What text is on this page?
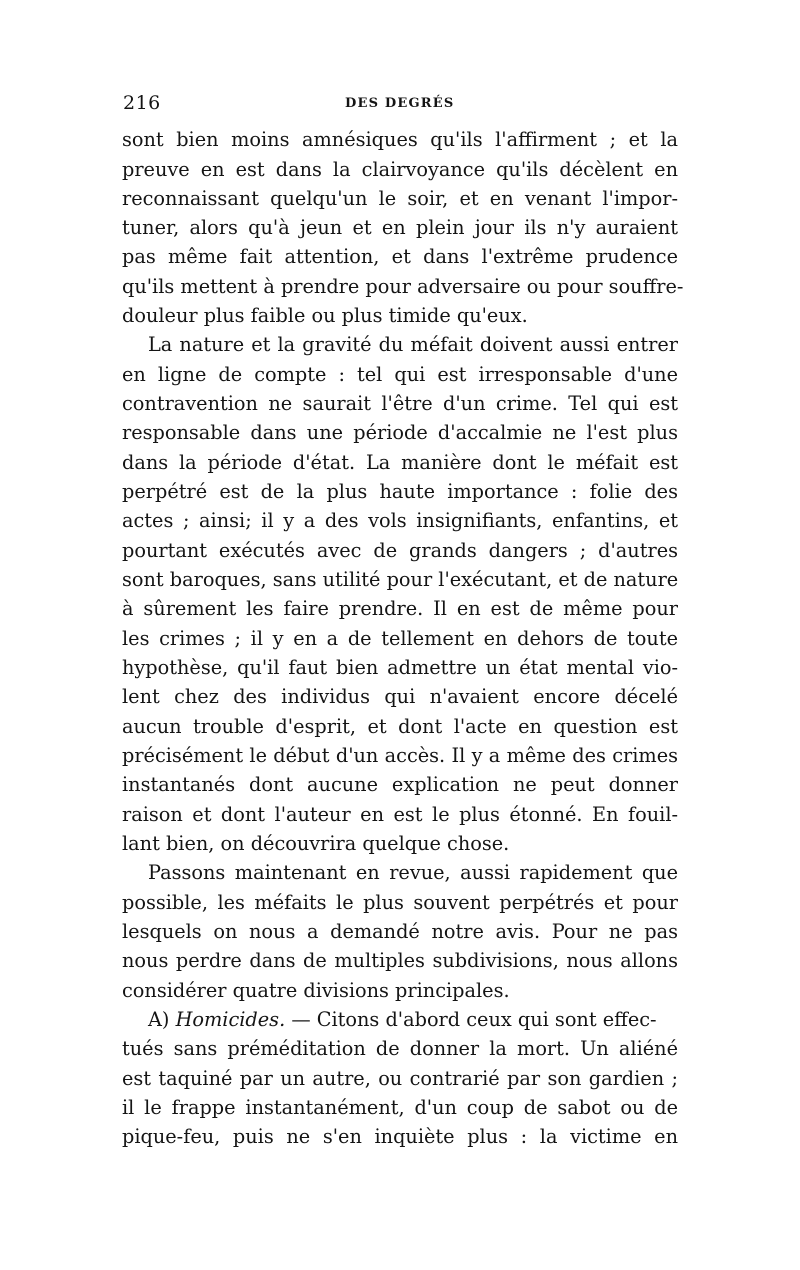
216	DES DEGRÉS
sont bien moins amnésiques qu'ils l'affirment ; et la
preuve en est dans la clairvoyance qu'ils décèlent en
reconnaissant quelqu'un le soir, et en venant l'impor-
tuner, alors qu'à jeun et en plein jour ils n'y auraient
pas même fait attention, et dans l'extrême prudence
qu'ils mettent à prendre pour adversaire ou pour souffre-
douleur plus faible ou plus timide qu'eux.
La nature et la gravité du méfait doivent aussi entrer
en ligne de compte : tel qui est irresponsable d'une
contravention ne saurait l'être d'un crime. Tel qui est
responsable dans une période d'accalmie ne l'est plus
dans la période d'état. La manière dont le méfait est
perpétré est de la plus haute importance : folie des
actes ; ainsi; il y a des vols insignifiants, enfantins, et
pourtant exécutés avec de grands dangers ; d'autres
sont baroques, sans utilité pour l'exécutant, et de nature
à sûrement les faire prendre. Il en est de même pour
les crimes ; il y en a de tellement en dehors de toute
hypothèse, qu'il faut bien admettre un état mental vio-
lent chez des individus qui n'avaient encore décelé
aucun trouble d'esprit, et dont l'acte en question est
précisément le début d'un accès. Il y a même des crimes
instantanés dont aucune explication ne peut donner
raison et dont l'auteur en est le plus étonné. En fouil-
lant bien, on découvrira quelque chose.
Passons maintenant en revue, aussi rapidement que
possible, les méfaits le plus souvent perpétrés et pour
lesquels on nous a demandé notre avis. Pour ne pas
nous perdre dans de multiples subdivisions, nous allons
considérer quatre divisions principales.
A) Homicides. — Citons d'abord ceux qui sont effec-
tués sans préméditation de donner la mort. Un aliéné
est taquiné par un autre, ou contrarié par son gardien ;
il le frappe instantanément, d'un coup de sabot ou de
pique-feu, puis ne s'en inquiète plus : la victime en
